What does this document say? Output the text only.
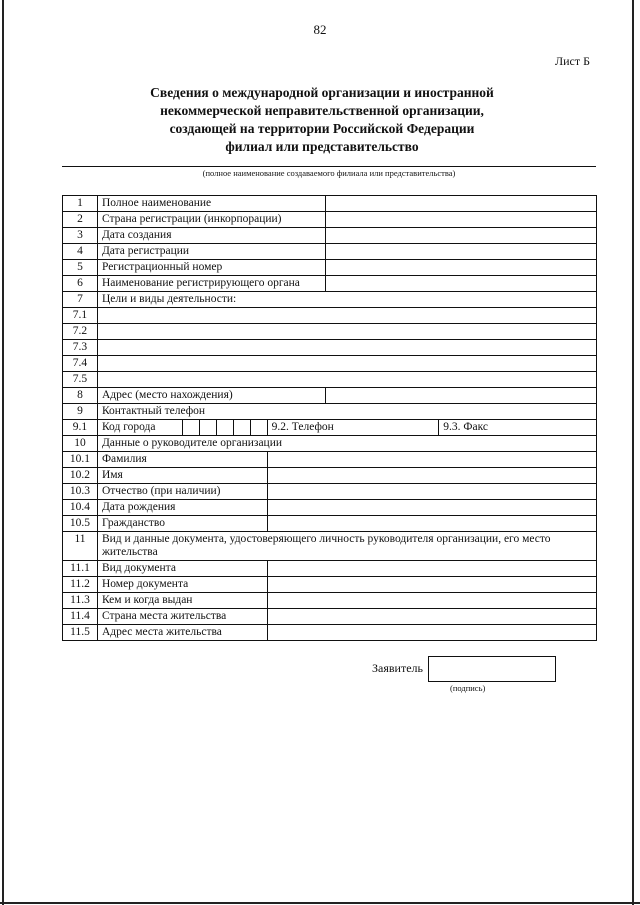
82
Лист Б
Сведения о международной организации и иностранной
некоммерческой неправительственной организации,
создающей на территории Российской Федерации
филиал или представительство
(полное наименование создаваемого филиала или представительства)
1	Полное наименование								
2	Страна регистрации (инкорпорации)								
3	Дата создания								
4	Дата регистрации								
5	Регистрационный номер								
6	Наименование регистрирующего органа								
7	Цели и виды деятельности:								
7.1									
7.2									
7.3									
7.4									
7.5									
8	Адрес (место нахождения)								
9	Контактный телефон								
9.1	Код города						9.2. Телефон		9.3. Факс
10	Данные о руководителе организации								
10.1	Фамилия								
10.2	Имя								
10.3	Отчество (при наличии)								
10.4	Дата рождения								
10.5	Гражданство								
11	Вид и данные документа, удостоверяющего личность руководителя организации, его место жительства								
11.1	Вид документа								
11.2	Номер документа								
11.3	Кем и когда выдан								
11.4	Страна места жительства								
11.5	Адрес места жительства								
Заявитель
(подпись)
